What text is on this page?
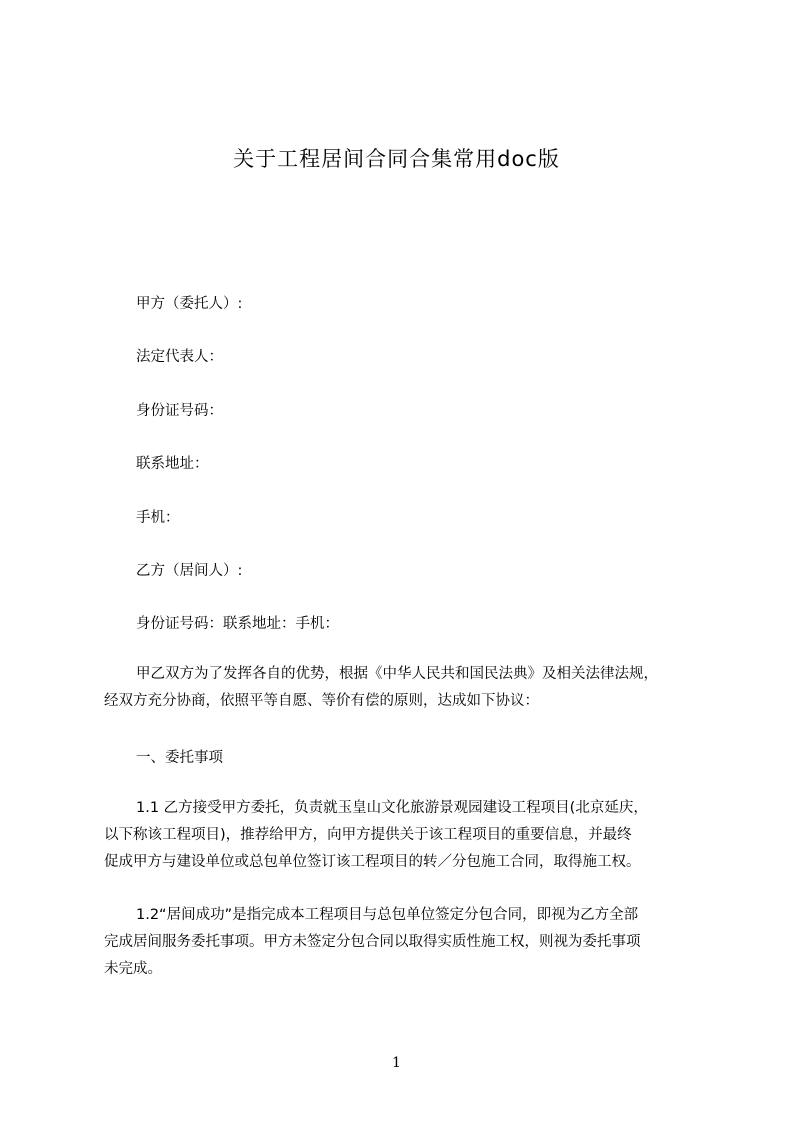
关于工程居间合同合集常用doc版
甲方（委托人）:
法定代表人：
身份证号码：
联系地址：
手机：
乙方（居间人）:
身份证号码：联系地址：手机：
甲乙双方为了发挥各自的优势，根据《中华人民共和国民法典》及相关法律法规，
经双方充分协商，依照平等自愿、等价有偿的原则，达成如下协议：
一、委托事项
1.1 乙方接受甲方委托，负责就玉皇山文化旅游景观园建设工程项目(北京延庆，
以下称该工程项目)，推荐给甲方，向甲方提供关于该工程项目的重要信息，并最终
促成甲方与建设单位或总包单位签订该工程项目的转／分包施工合同，取得施工权。
1.2“居间成功”是指完成本工程项目与总包单位签定分包合同，即视为乙方全部
完成居间服务委托事项。甲方未签定分包合同以取得实质性施工权，则视为委托事项
未完成。
1
